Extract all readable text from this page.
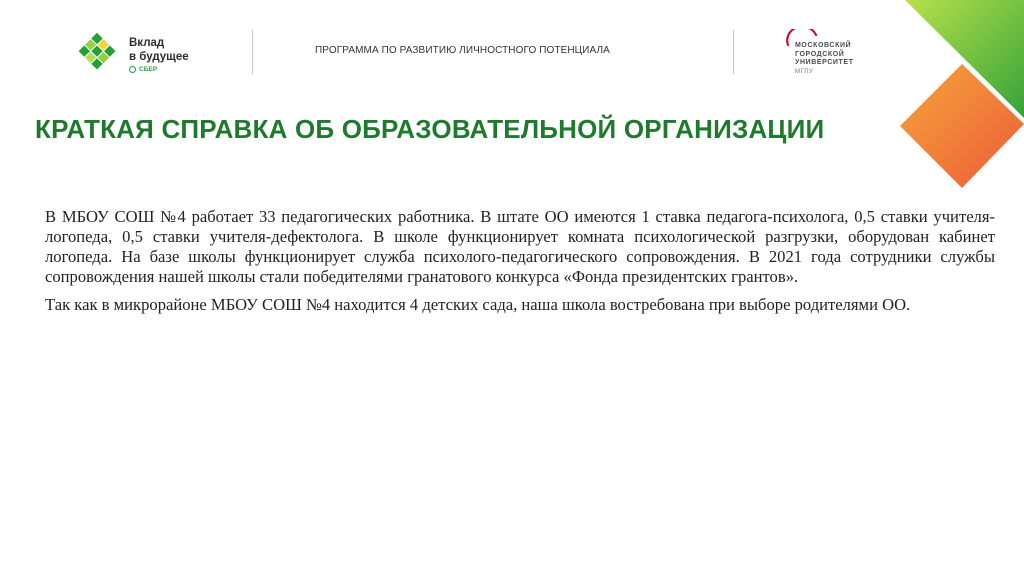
Вклад
в будущее
СБЕР
ПРОГРАММА ПО РАЗВИТИЮ ЛИЧНОСТНОГО ПОТЕНЦИАЛА	МОСКОВСКИЙ
ГОРОДСКОЙ
УНИВЕРСИТЕТ
МГПУ
КРАТКАЯ СПРАВКА ОБ ОБРАЗОВАТЕЛЬНОЙ ОРГАНИЗАЦИИ

В МБОУ СОШ №4 работает 33 педагогических работника. В штате ОО имеются 1 ставка педагога-психолога, 0,5 ставки учителя-логопеда, 0,5 ставки учителя-дефектолога. В школе функционирует комната психологической разгрузки, оборудован кабинет логопеда. На базе школы функционирует служба психолого-педагогического сопровождения. В 2021 года сотрудники службы сопровождения нашей школы стали победителями гранатового конкурса «Фонда президентских грантов».

Так как в микрорайоне МБОУ СОШ №4 находится 4 детских сада, наша школа востребована при выборе родителями ОО.
